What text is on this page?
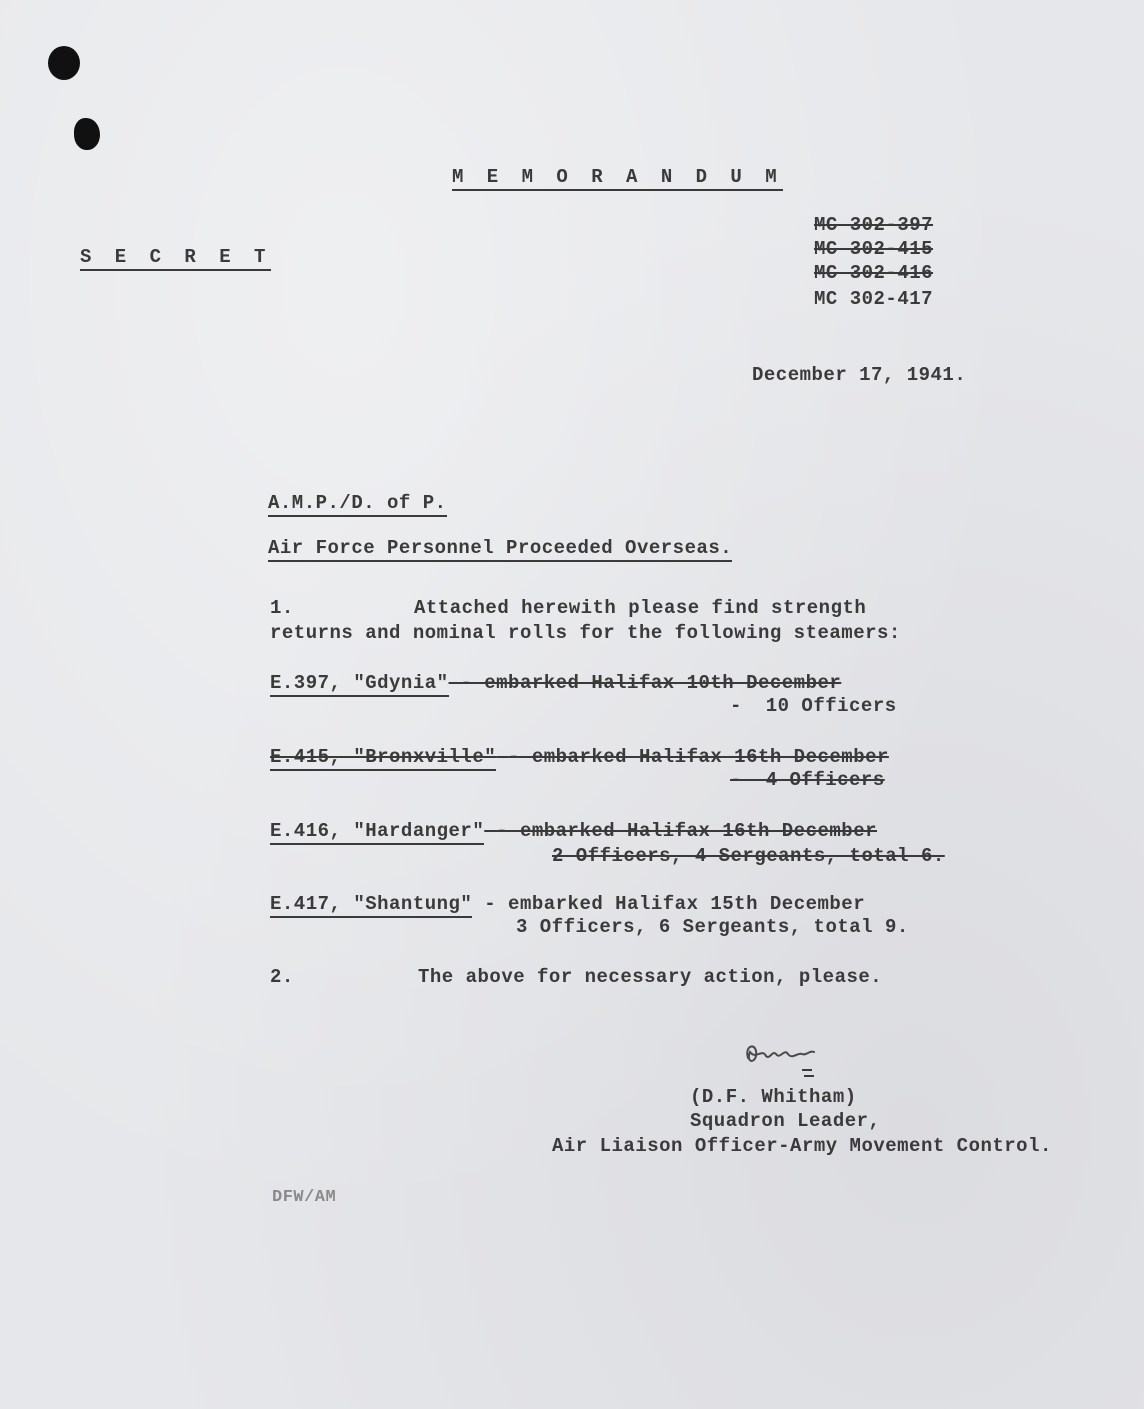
M E M O R A N D U M
S E C R E T
MC 302-397
MC 302-415
MC 302-416
MC 302-417
December 17, 1941.
A.M.P./D. of P.
Air Force Personnel Proceeded Overseas.
1.	Attached herewith please find strength
returns and nominal rolls for the following steamers:
E.397, "Gdynia" - embarked Halifax 10th December
-  10 Officers
E.415, "Bronxville" - embarked Halifax 16th December
-  4 Officers
E.416, "Hardanger" - embarked Halifax 16th December
2 Officers, 4 Sergeants, total 6.
E.417, "Shantung" - embarked Halifax 15th December
3 Officers, 6 Sergeants, total 9.
2.	The above for necessary action, please.
(D.F. Whitham)
Squadron Leader,
Air Liaison Officer-Army Movement Control.
DFW/AM
